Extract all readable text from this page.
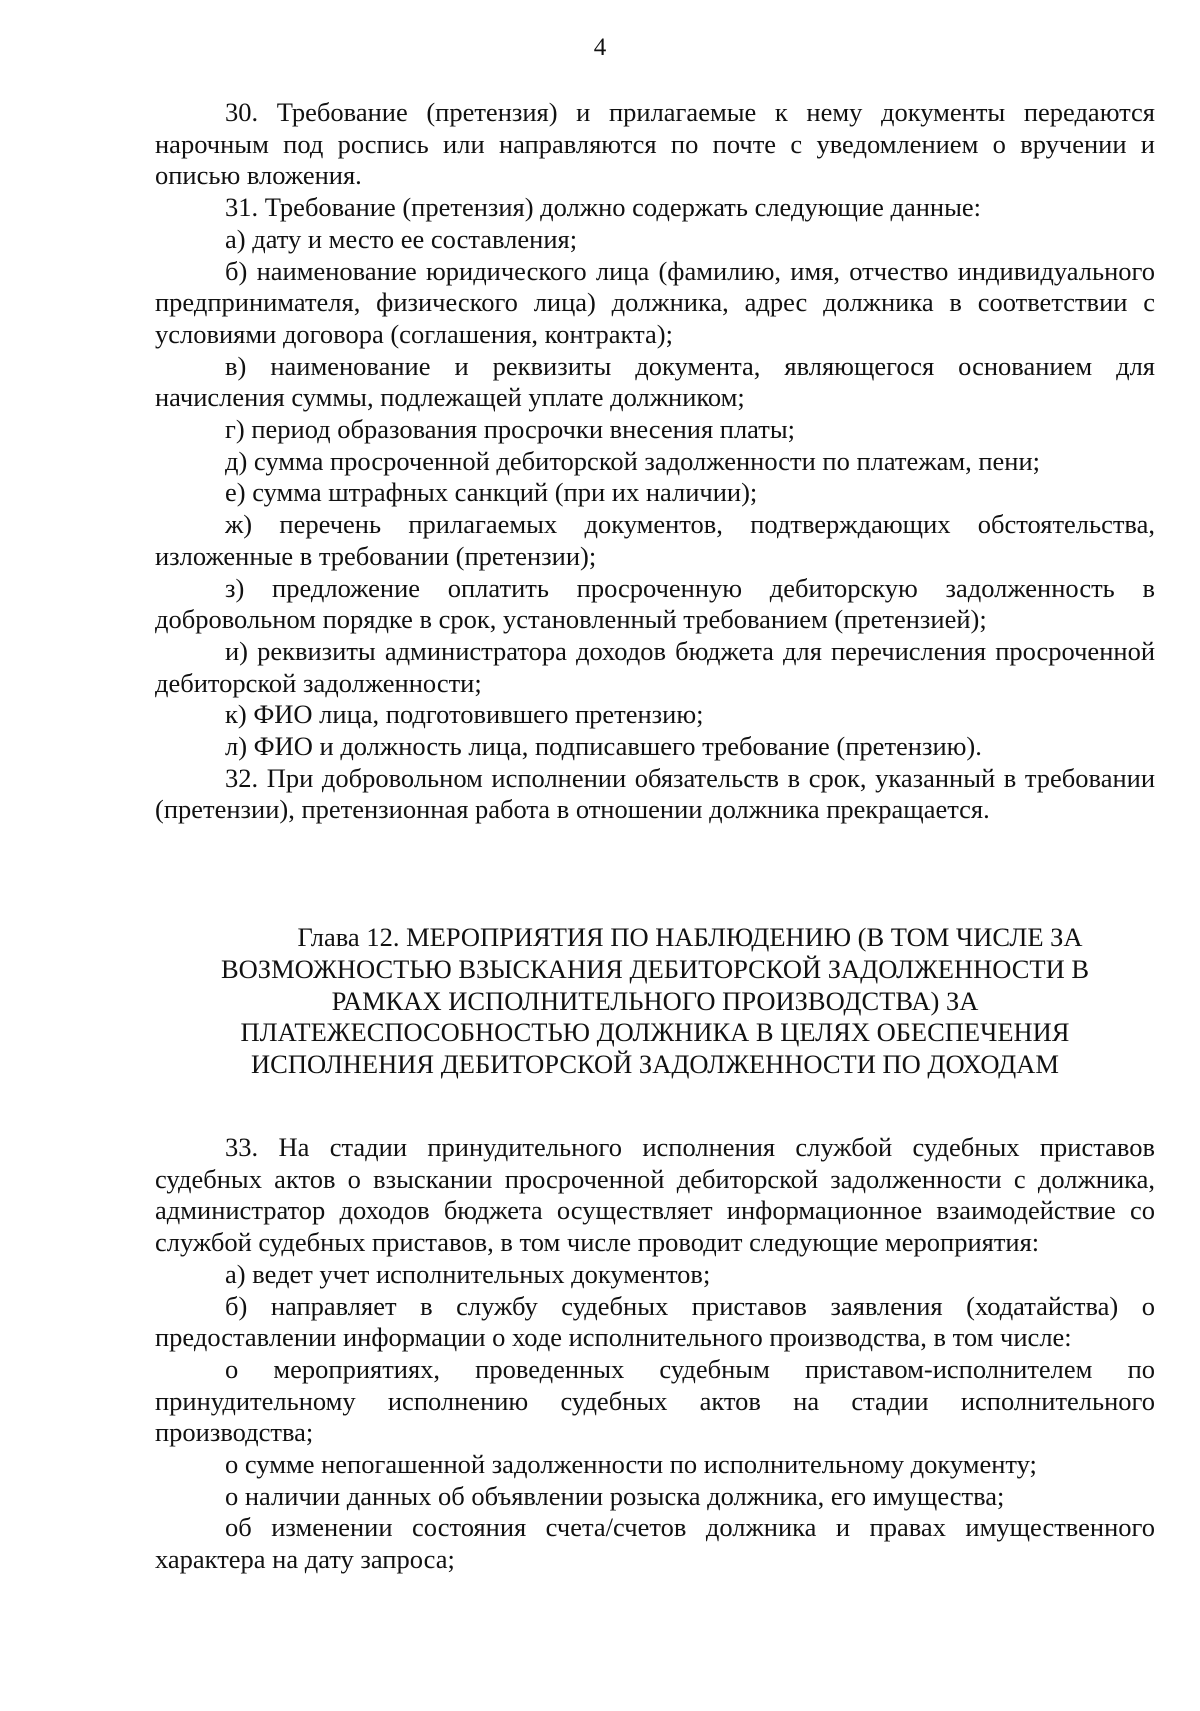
4

30. Требование (претензия) и прилагаемые к нему документы передаются нарочным под роспись или направляются по почте с уведомлением о вручении и описью вложения.

31. Требование (претензия) должно содержать следующие данные:

а) дату и место ее составления;

б) наименование юридического лица (фамилию, имя, отчество индивидуального предпринимателя, физического лица) должника, адрес должника в соответствии с условиями договора (соглашения, контракта);

в) наименование и реквизиты документа, являющегося основанием для начисления суммы, подлежащей уплате должником;

г) период образования просрочки внесения платы;

д) сумма просроченной дебиторской задолженности по платежам, пени;

е) сумма штрафных санкций (при их наличии);

ж) перечень прилагаемых документов, подтверждающих обстоятельства, изложенные в требовании (претензии);

з) предложение оплатить просроченную дебиторскую задолженность в добровольном порядке в срок, установленный требованием (претензией);

и) реквизиты администратора доходов бюджета для перечисления просроченной дебиторской задолженности;

к) ФИО лица, подготовившего претензию;

л) ФИО и должность лица, подписавшего требование (претензию).

32. При добровольном исполнении обязательств в срок, указанный в требовании (претензии), претензионная работа в отношении должника прекращается.

Глава 12. МЕРОПРИЯТИЯ ПО НАБЛЮДЕНИЮ (В ТОМ ЧИСЛЕ ЗА
ВОЗМОЖНОСТЬЮ ВЗЫСКАНИЯ ДЕБИТОРСКОЙ ЗАДОЛЖЕННОСТИ В
РАМКАХ ИСПОЛНИТЕЛЬНОГО ПРОИЗВОДСТВА) ЗА
ПЛАТЕЖЕСПОСОБНОСТЬЮ ДОЛЖНИКА В ЦЕЛЯХ ОБЕСПЕЧЕНИЯ
ИСПОЛНЕНИЯ ДЕБИТОРСКОЙ ЗАДОЛЖЕННОСТИ ПО ДОХОДАМ

33. На стадии принудительного исполнения службой судебных приставов судебных актов о взыскании просроченной дебиторской задолженности с должника, администратор доходов бюджета осуществляет информационное взаимодействие со службой судебных приставов, в том числе проводит следующие мероприятия:

а) ведет учет исполнительных документов;

б) направляет в службу судебных приставов заявления (ходатайства) о предоставлении информации о ходе исполнительного производства, в том числе:

о мероприятиях, проведенных судебным приставом-исполнителем по принудительному исполнению судебных актов на стадии исполнительного производства;

о сумме непогашенной задолженности по исполнительному документу;

о наличии данных об объявлении розыска должника, его имущества;

об изменении состояния счета/счетов должника и правах имущественного характера на дату запроса;
